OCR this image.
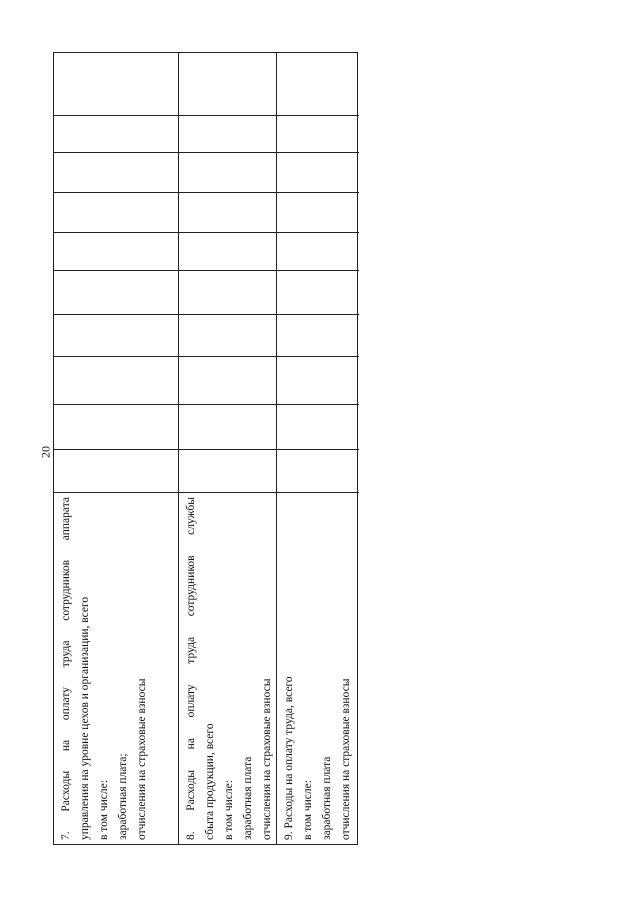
20
7. Расходы на оплату труда сотрудников аппарата управления на уровне цехов и организации, всего в том числе: заработная плата; отчисления на страховые взносы	8. Расходы на оплату труда сотрудников службы сбыта продукции, всего в том числе: заработная плата отчисления на страховые взносы 9. Расходы на оплату труда, всего в том числе: заработная плата отчисления на страховые взносы
